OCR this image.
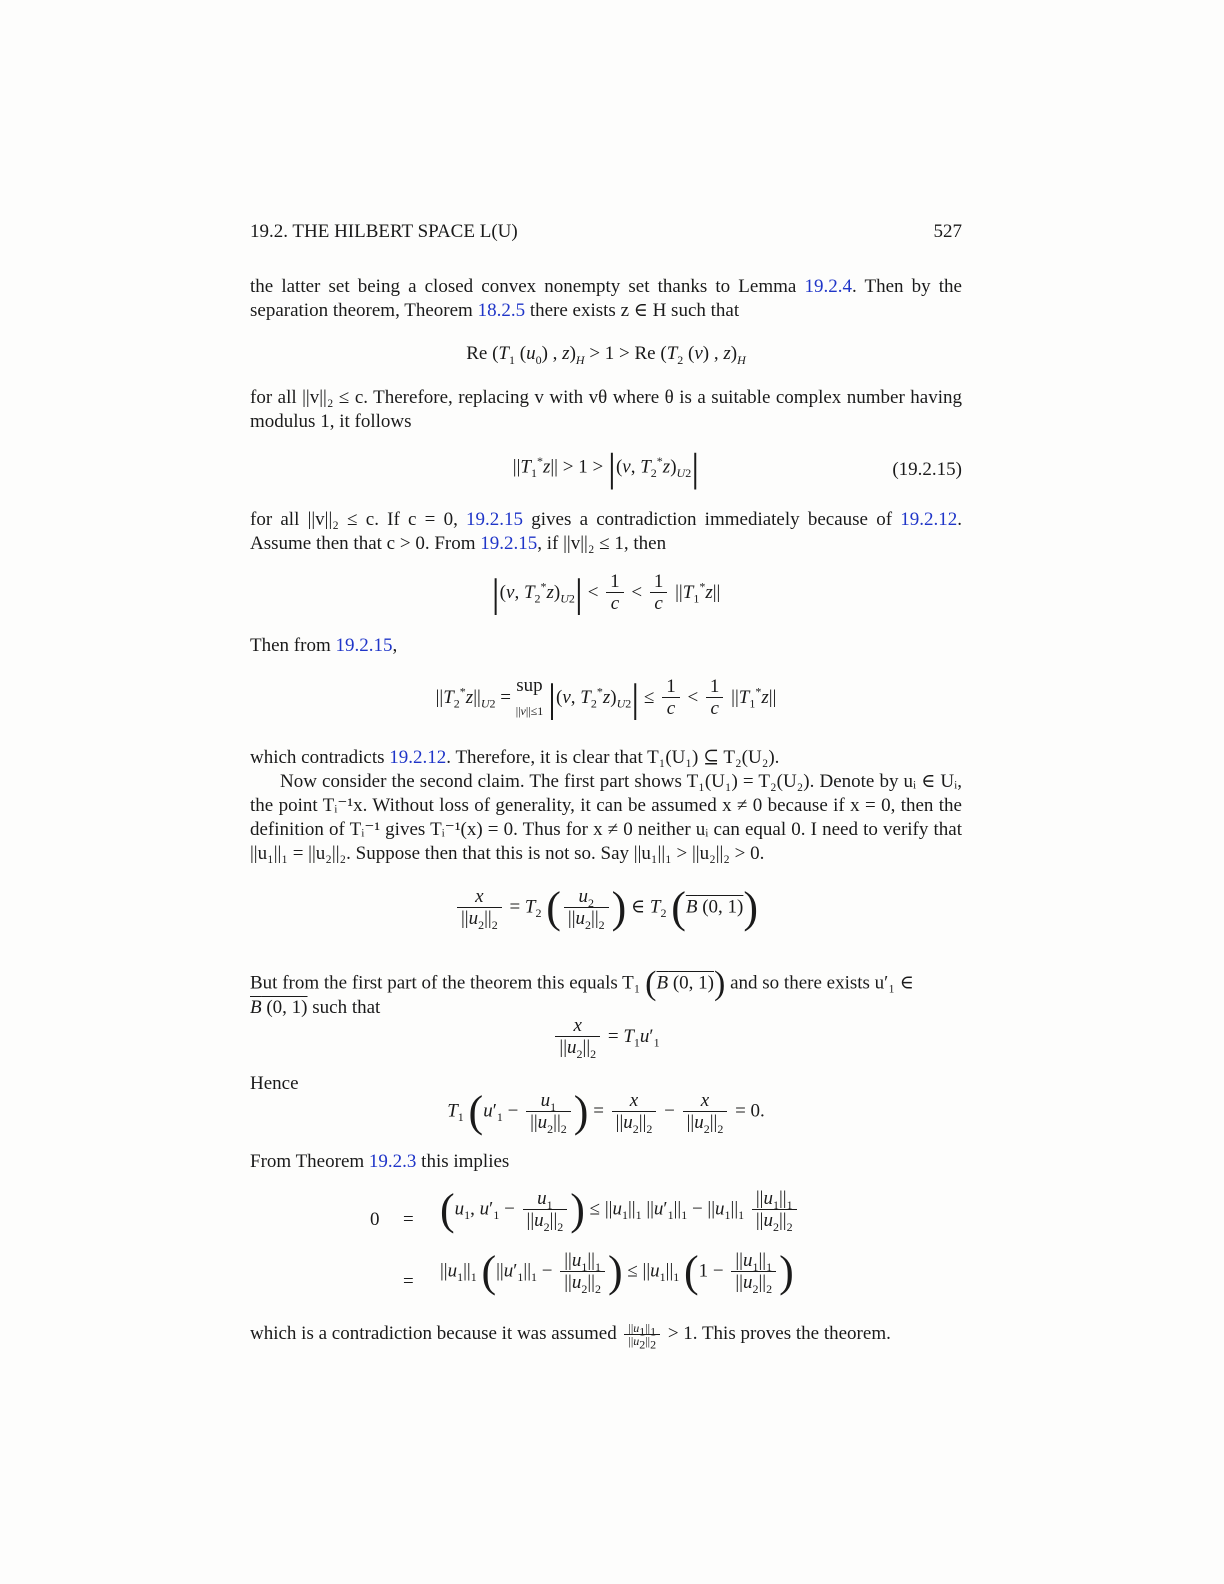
19.2. THE HILBERT SPACE L(U)	527
the latter set being a closed convex nonempty set thanks to Lemma 19.2.4. Then by the separation theorem, Theorem 18.2.5 there exists z ∈ H such that
Re ($T_1$ $(u_0)$ , $z)_H > 1 > Re$ ($T_2$ (v) , $z)_H$
for all ||v||₂ ≤ c. Therefore, replacing v with vθ where θ is a suitable complex number having modulus 1, it follows
$||T_1^*z|| > 1 > |(v$, $T_2^*z)_{U2}|$	(19.2.15)
for all ||v||₂ ≤ c. If c = 0, 19.2.15 gives a contradiction immediately because of 19.2.12. Assume then that c > 0. From 19.2.15, if ||v||₂ ≤ 1, then
|(v, $T_2^*z)_{U2}| < \frac{1}{c} < \frac{1}{c} ||T_1^*z||$
Then from 19.2.15,
$||T_2^*z||_{U2}$ = sup
||v||≤1 |(v, $T_2^*z)_{U2}| \le \frac{1}{c} < \frac{1}{c} ||T_1^*z||$
which contradicts 19.2.12. Therefore, it is clear that T₁(U₁) ⊆ T₂(U₂).
Now consider the second claim. The first part shows T₁(U₁) = T₂(U₂). Denote by uᵢ ∈ Uᵢ, the point Tᵢ⁻¹x. Without loss of generality, it can be assumed x ≠ 0 because if x = 0, then the definition of Tᵢ⁻¹ gives Tᵢ⁻¹(x) = 0. Thus for x ≠ 0 neither uᵢ can equal 0. I need to verify that ||u₁||₁ = ||u₂||₂. Suppose then that this is not so. Say ||u₁||₁ > ||u₂||₂ > 0.
$\frac{x}{||u_2||_2} = T_2$ ( $\frac{u_2}{||u_2||_2}$ ) ∈ $T_2$ (B (0, 1))
But from the first part of the theorem this equals T₁ (B (0, 1)) and so there exists u′₁ ∈
B (0, 1) such that
$\frac{x}{||u_2||_2} = T_1u'_1$
Hence
$T_1$ ($u'_1 - \frac{u_1}{||u_2||_2}$ ) = $\frac{x}{||u_2||_2} - \frac{x}{||u_2||_2} = 0$.
From Theorem 19.2.3 this implies
$0 = (u_1$, $u'_1 - \frac{u_1}{||u_2||_2}$ ) ≤ $||u_1||_1$ $||u'_1||_1 - ||u_1||_1 \frac{||u_1||_1}{||u_2||_2}$
=
$||u_1||_1$ ($||u'_1||_1 - \frac{||u_1||_1}{||u_2||_2}$ ) ≤ $||u_1||_1$ ($1 - \frac{||u_1||_1}{||u_2||_2}$ )
which is a contradiction because it was assumed $\frac{||u_1||_1}{||u_2||_2} > 1$. This proves the theorem.
